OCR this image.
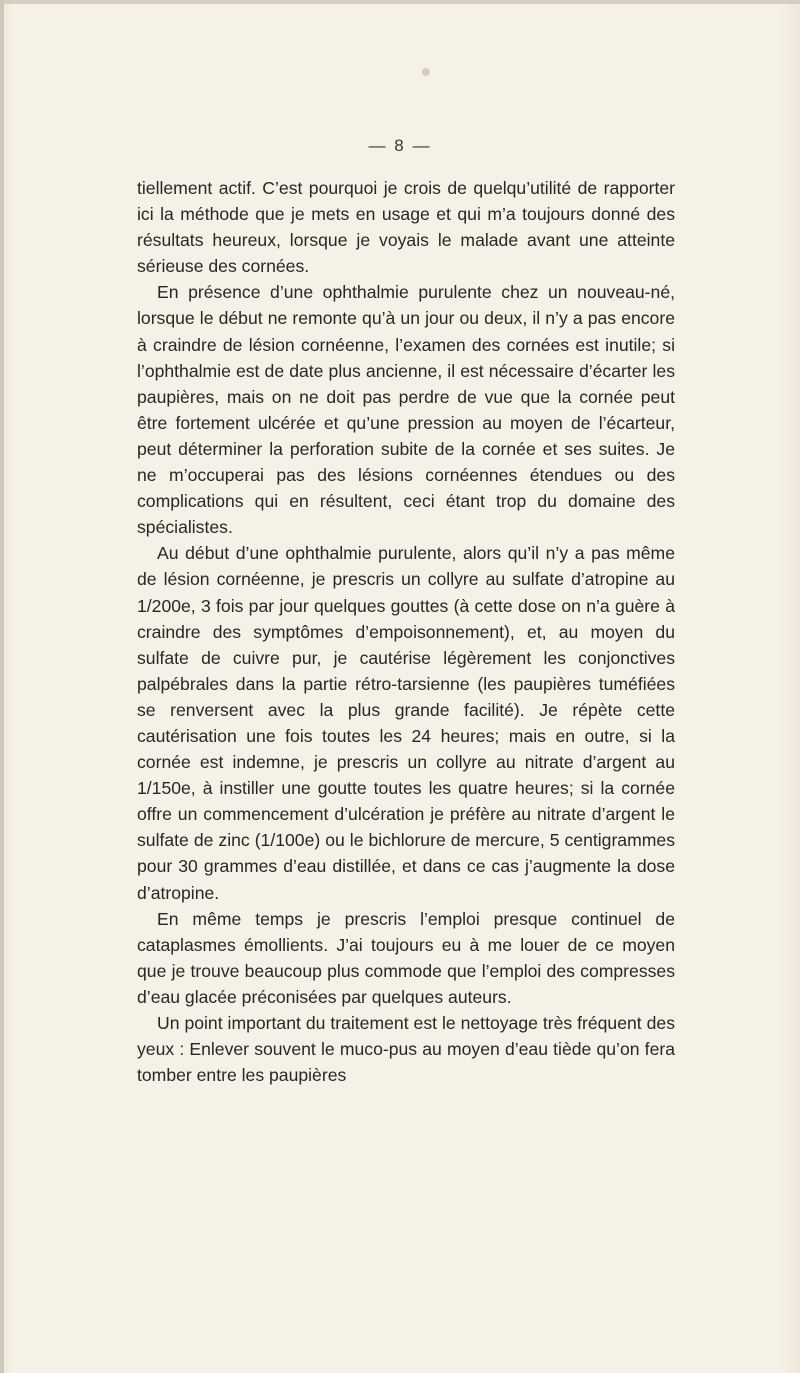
— 8 —

tiellement actif. C’est pourquoi je crois de quelqu’utilité de rapporter ici la méthode que je mets en usage et qui m’a toujours donné des résultats heureux, lorsque je voyais le malade avant une atteinte sérieuse des cornées.

En présence d’une ophthalmie purulente chez un nouveau-né, lorsque le début ne remonte qu’à un jour ou deux, il n’y a pas encore à craindre de lésion cornéenne, l’examen des cornées est inutile; si l’ophthalmie est de date plus ancienne, il est nécessaire d’écarter les paupières, mais on ne doit pas perdre de vue que la cornée peut être fortement ulcérée et qu’une pression au moyen de l’écarteur, peut déterminer la perforation subite de la cornée et ses suites. Je ne m’occuperai pas des lésions cornéennes étendues ou des complications qui en résultent, ceci étant trop du domaine des spécialistes.

Au début d’une ophthalmie purulente, alors qu’il n’y a pas même de lésion cornéenne, je prescris un collyre au sulfate d’atropine au 1/200e, 3 fois par jour quelques gouttes (à cette dose on n’a guère à craindre des symptômes d’empoisonnement), et, au moyen du sulfate de cuivre pur, je cautérise légèrement les conjonctives palpébrales dans la partie rétro-tarsienne (les paupières tuméfiées se renversent avec la plus grande facilité). Je répète cette cautérisation une fois toutes les 24 heures; mais en outre, si la cornée est indemne, je prescris un collyre au nitrate d’argent au 1/150e, à instiller une goutte toutes les quatre heures; si la cornée offre un commencement d’ulcération je préfère au nitrate d’argent le sulfate de zinc (1/100e) ou le bichlorure de mercure, 5 centigrammes pour 30 grammes d’eau distillée, et dans ce cas j’augmente la dose d’atropine.

En même temps je prescris l’emploi presque continuel de cataplasmes émollients. J’ai toujours eu à me louer de ce moyen que je trouve beaucoup plus commode que l’emploi des compresses d’eau glacée préconisées par quelques auteurs.

Un point important du traitement est le nettoyage très fréquent des yeux : Enlever souvent le muco-pus au moyen d’eau tiède qu’on fera tomber entre les paupières
